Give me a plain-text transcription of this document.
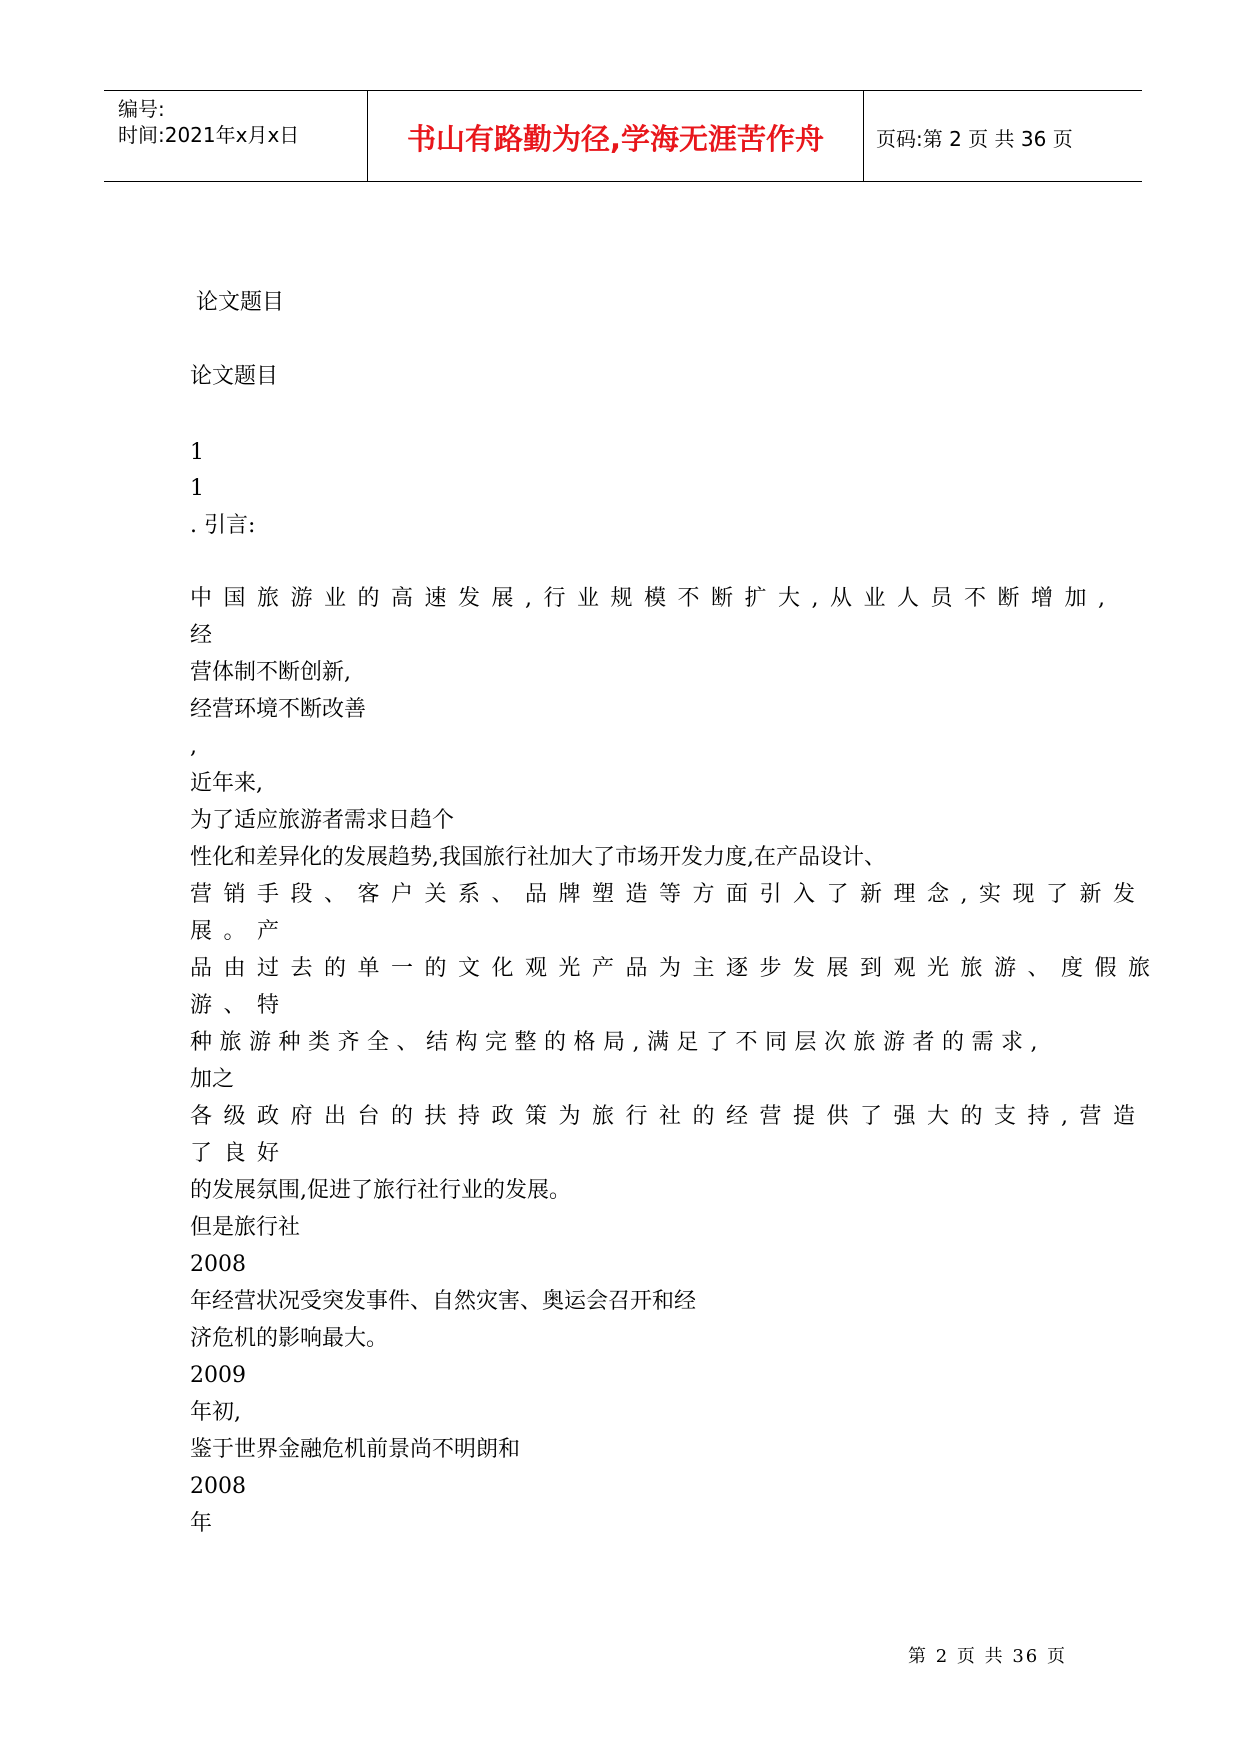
编号:
时间:2021年x月x日	书山有路勤为径,学海无涯苦作舟	页码:第 2 页 共 36 页
论文题目
论文题目
1
1
. 引言:
中国旅游业的高速发展,行业规模不断扩大,从业人员不断增加,
经
营体制不断创新,
经营环境不断改善
,
近年来,
为了适应旅游者需求日趋个
性化和差异化的发展趋势,我国旅行社加大了市场开发力度,在产品设计、
营销手段、客户关系、品牌塑造等方面引入了新理念,实现了新发
展。产
品由过去的单一的文化观光产品为主逐步发展到观光旅游、度假旅
游、特
种旅游种类齐全、结构完整的格局,满足了不同层次旅游者的需求,
加之
各级政府出台的扶持政策为旅行社的经营提供了强大的支持,营造
了良好
的发展氛围,促进了旅行社行业的发展。
但是旅行社
2008
年经营状况受突发事件、自然灾害、奥运会召开和经
济危机的影响最大。
2009
年初,
鉴于世界金融危机前景尚不明朗和
2008
年
第 2 页 共 36 页
